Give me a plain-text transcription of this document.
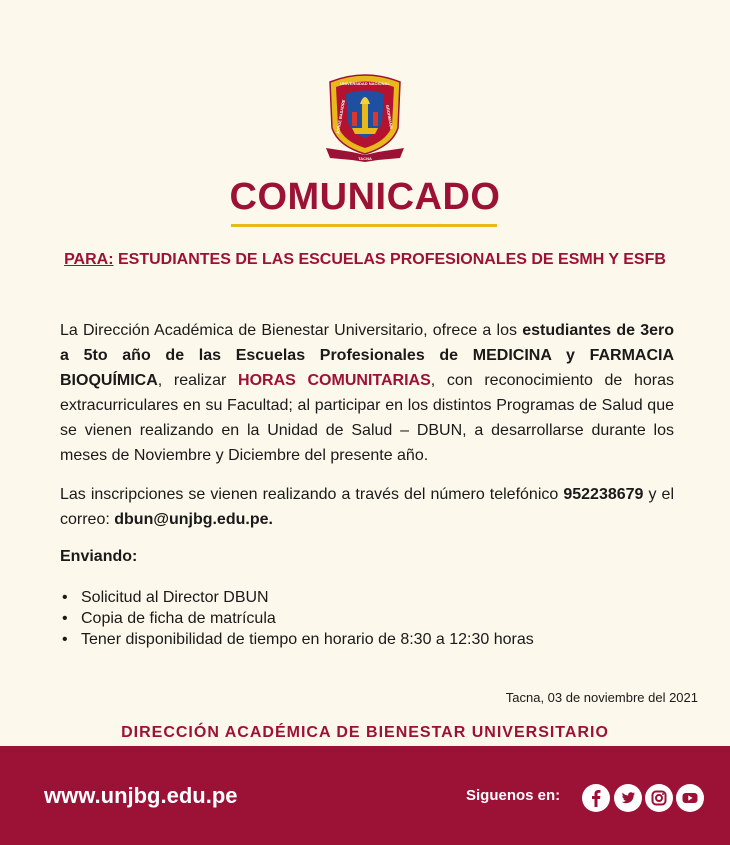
UNIVERSIDAD NACIONAL
JORGE BASADRE	GROHMANN
TACNA
COMUNICADO
PARA: ESTUDIANTES DE LAS ESCUELAS PROFESIONALES DE ESMH Y ESFB
La Dirección Académica de Bienestar Universitario, ofrece a los estudiantes de 3ero a 5to año de las Escuelas Profesionales de MEDICINA y FARMACIA BIOQUÍMICA, realizar HORAS COMUNITARIAS, con reconocimiento de horas extracurriculares en su Facultad; al participar en los distintos Programas de Salud que se vienen realizando en la Unidad de Salud – DBUN, a desarrollarse durante los meses de Noviembre y Diciembre del presente año.
Las inscripciones se vienen realizando a través del número telefónico 952238679 y el correo: dbun@unjbg.edu.pe.
Enviando:
• Solicitud al Director DBUN
• Copia de ficha de matrícula
• Tener disponibilidad de tiempo en horario de 8:30 a 12:30 horas
Tacna, 03 de noviembre del 2021
DIRECCIÓN ACADÉMICA DE BIENESTAR UNIVERSITARIO
www.unjbg.edu.pe	Siguenos en:
